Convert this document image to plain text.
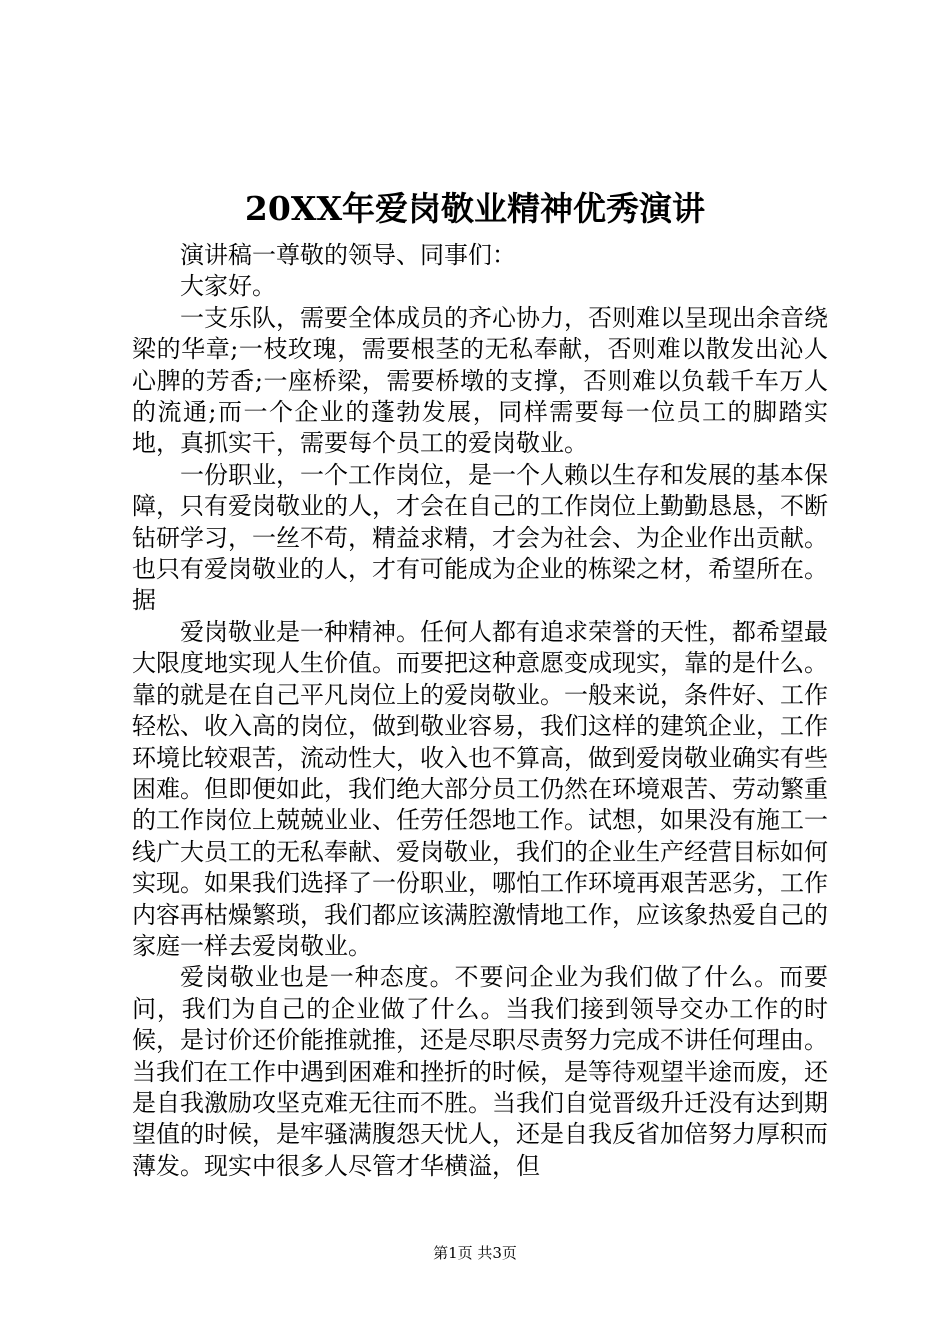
20XX年爱岗敬业精神优秀演讲

演讲稿一尊敬的领导、同事们：

大家好。

一支乐队，需要全体成员的齐心协力，否则难以呈现出余音绕梁的华章;一枝玫瑰，需要根茎的无私奉献，否则难以散发出沁人心脾的芳香;一座桥梁，需要桥墩的支撑，否则难以负载千车万人的流通;而一个企业的蓬勃发展，同样需要每一位员工的脚踏实地，真抓实干，需要每个员工的爱岗敬业。

一份职业，一个工作岗位，是一个人赖以生存和发展的基本保障，只有爱岗敬业的人，才会在自己的工作岗位上勤勤恳恳，不断钻研学习，一丝不苟，精益求精，才会为社会、为企业作出贡献。也只有爱岗敬业的人，才有可能成为企业的栋梁之材，希望所在。据

爱岗敬业是一种精神。任何人都有追求荣誉的天性，都希望最大限度地实现人生价值。而要把这种意愿变成现实，靠的是什么。靠的就是在自己平凡岗位上的爱岗敬业。一般来说，条件好、工作轻松、收入高的岗位，做到敬业容易，我们这样的建筑企业，工作环境比较艰苦，流动性大，收入也不算高，做到爱岗敬业确实有些困难。但即便如此，我们绝大部分员工仍然在环境艰苦、劳动繁重的工作岗位上兢兢业业、任劳任怨地工作。试想，如果没有施工一线广大员工的无私奉献、爱岗敬业，我们的企业生产经营目标如何实现。如果我们选择了一份职业，哪怕工作环境再艰苦恶劣，工作内容再枯燥繁琐，我们都应该满腔激情地工作，应该象热爱自己的家庭一样去爱岗敬业。

爱岗敬业也是一种态度。不要问企业为我们做了什么。而要问，我们为自己的企业做了什么。当我们接到领导交办工作的时候，是讨价还价能推就推，还是尽职尽责努力完成不讲任何理由。当我们在工作中遇到困难和挫折的时候，是等待观望半途而废，还是自我激励攻坚克难无往而不胜。当我们自觉晋级升迁没有达到期望值的时候，是牢骚满腹怨天忧人，还是自我反省加倍努力厚积而薄发。现实中很多人尽管才华横溢，但

第1页 共3页
